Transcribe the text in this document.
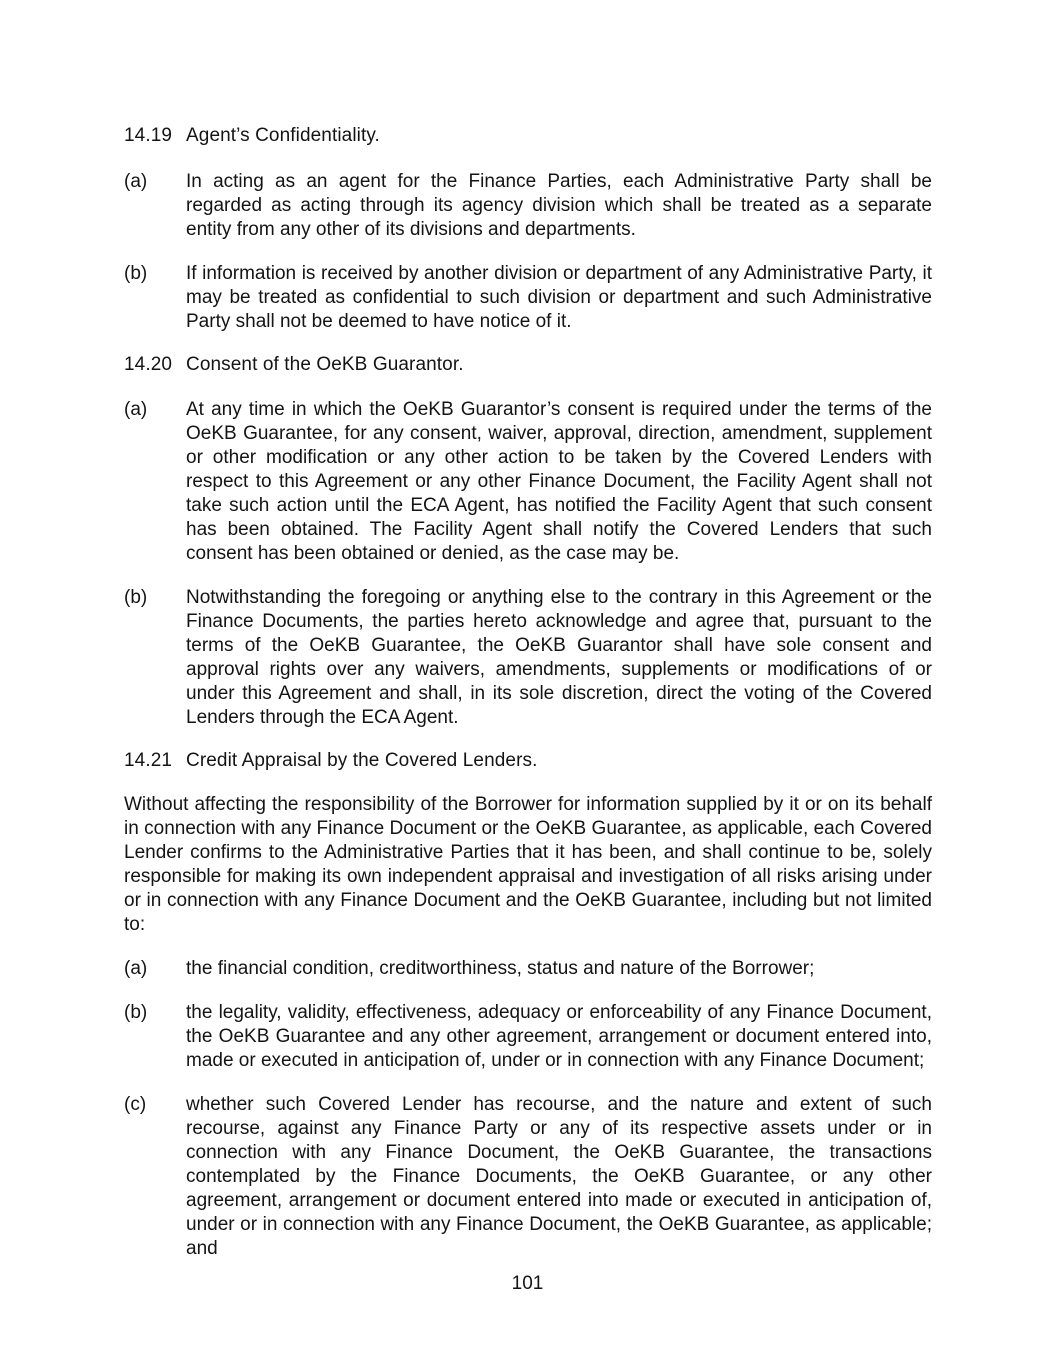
14.19 Agent’s Confidentiality.
(a)	In acting as an agent for the Finance Parties, each Administrative Party shall be regarded as acting through its agency division which shall be treated as a separate entity from any other of its divisions and departments.
(b)	If information is received by another division or department of any Administrative Party, it may be treated as confidential to such division or department and such Administrative Party shall not be deemed to have notice of it.
14.20 Consent of the OeKB Guarantor.
(a)	At any time in which the OeKB Guarantor’s consent is required under the terms of the OeKB Guarantee, for any consent, waiver, approval, direction, amendment, supplement or other modification or any other action to be taken by the Covered Lenders with respect to this Agreement or any other Finance Document, the Facility Agent shall not take such action until the ECA Agent, has notified the Facility Agent that such consent has been obtained. The Facility Agent shall notify the Covered Lenders that such consent has been obtained or denied, as the case may be.
(b)	Notwithstanding the foregoing or anything else to the contrary in this Agreement or the Finance Documents, the parties hereto acknowledge and agree that, pursuant to the terms of the OeKB Guarantee, the OeKB Guarantor shall have sole consent and approval rights over any waivers, amendments, supplements or modifications of or under this Agreement and shall, in its sole discretion, direct the voting of the Covered Lenders through the ECA Agent.
14.21 Credit Appraisal by the Covered Lenders.
Without affecting the responsibility of the Borrower for information supplied by it or on its behalf in connection with any Finance Document or the OeKB Guarantee, as applicable, each Covered Lender confirms to the Administrative Parties that it has been, and shall continue to be, solely responsible for making its own independent appraisal and investigation of all risks arising under or in connection with any Finance Document and the OeKB Guarantee, including but not limited to:
(a)	the financial condition, creditworthiness, status and nature of the Borrower;
(b)	the legality, validity, effectiveness, adequacy or enforceability of any Finance Document, the OeKB Guarantee and any other agreement, arrangement or document entered into, made or executed in anticipation of, under or in connection with any Finance Document;
(c)	whether such Covered Lender has recourse, and the nature and extent of such recourse, against any Finance Party or any of its respective assets under or in connection with any Finance Document, the OeKB Guarantee, the transactions contemplated by the Finance Documents, the OeKB Guarantee, or any other agreement, arrangement or document entered into made or executed in anticipation of, under or in connection with any Finance Document, the OeKB Guarantee, as applicable; and
101
